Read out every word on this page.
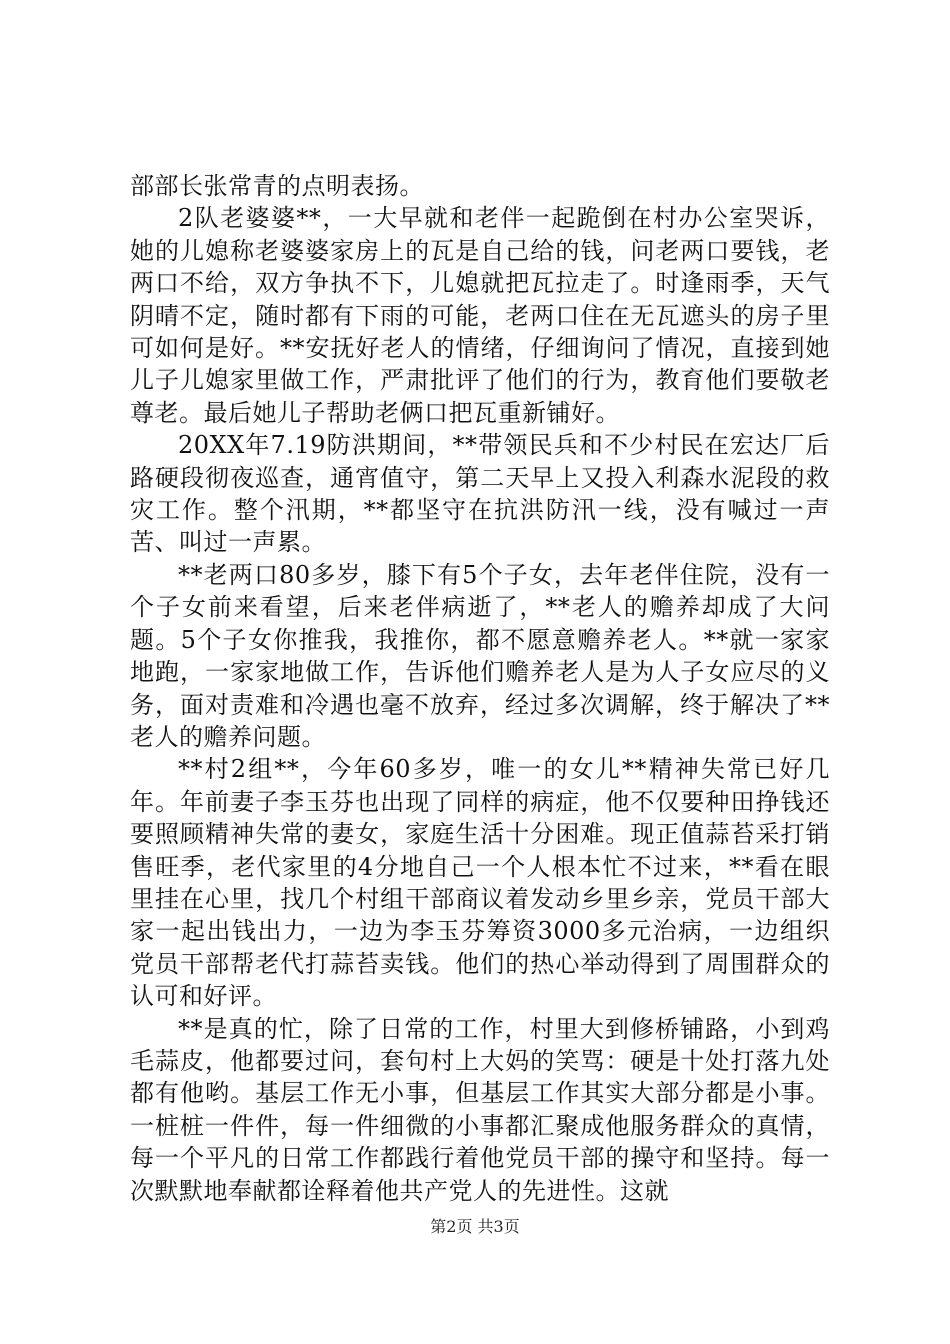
部部长张常青的点明表扬。

2队老婆婆**，一大早就和老伴一起跪倒在村办公室哭诉，她的儿媳称老婆婆家房上的瓦是自己给的钱，问老两口要钱，老两口不给，双方争执不下，儿媳就把瓦拉走了。时逢雨季，天气阴晴不定，随时都有下雨的可能，老两口住在无瓦遮头的房子里可如何是好。**安抚好老人的情绪，仔细询问了情况，直接到她儿子儿媳家里做工作，严肃批评了他们的行为，教育他们要敬老尊老。最后她儿子帮助老俩口把瓦重新铺好。

20XX年7.19防洪期间，**带领民兵和不少村民在宏达厂后路硬段彻夜巡查，通宵值守，第二天早上又投入利森水泥段的救灾工作。整个汛期，**都坚守在抗洪防汛一线，没有喊过一声苦、叫过一声累。

**老两口80多岁，膝下有5个子女，去年老伴住院，没有一个子女前来看望，后来老伴病逝了，**老人的赡养却成了大问题。5个子女你推我，我推你，都不愿意赡养老人。**就一家家地跑，一家家地做工作，告诉他们赡养老人是为人子女应尽的义务，面对责难和冷遇也毫不放弃，经过多次调解，终于解决了**老人的赡养问题。

**村2组**，今年60多岁，唯一的女儿**精神失常已好几年。年前妻子李玉芬也出现了同样的病症，他不仅要种田挣钱还要照顾精神失常的妻女，家庭生活十分困难。现正值蒜苔采打销售旺季，老代家里的4分地自己一个人根本忙不过来，**看在眼里挂在心里，找几个村组干部商议着发动乡里乡亲，党员干部大家一起出钱出力，一边为李玉芬筹资3000多元治病，一边组织党员干部帮老代打蒜苔卖钱。他们的热心举动得到了周围群众的认可和好评。

**是真的忙，除了日常的工作，村里大到修桥铺路，小到鸡毛蒜皮，他都要过问，套句村上大妈的笑骂：硬是十处打落九处都有他哟。基层工作无小事，但基层工作其实大部分都是小事。一桩桩一件件，每一件细微的小事都汇聚成他服务群众的真情，每一个平凡的日常工作都践行着他党员干部的操守和坚持。每一次默默地奉献都诠释着他共产党人的先进性。这就

第2页 共3页
